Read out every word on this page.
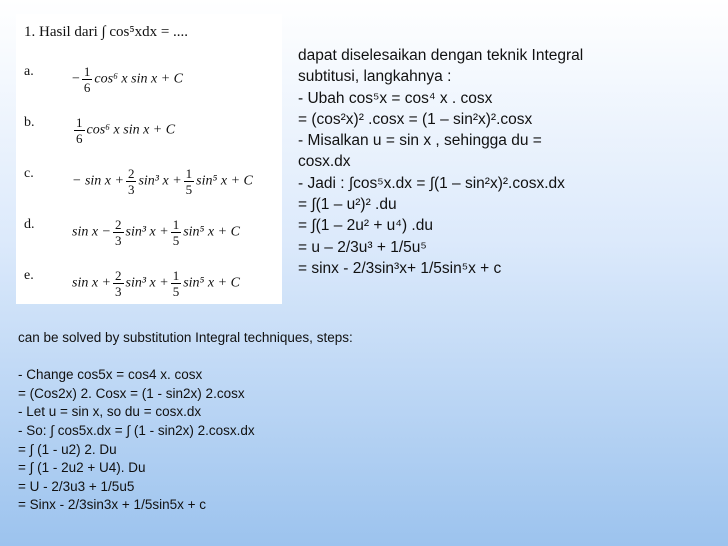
1. Hasil dari ∫ cos⁵xdx = ....
a.
− $\frac{1}{6} \cos^6$ x sin x + C
b.	$\frac{1}{6} \cos^6$ x sin x + C
c.
− $\sin x + \frac{2}{3} \sin^3$ $x + \frac{1}{5} \sin^5$ x + C
d.
$\sin x - \frac{2}{3} \sin^3$ $x + \frac{1}{5} \sin^5$ x + C
e.
$\sin x + \frac{2}{3} \sin^3$ $x + \frac{1}{5} \sin^5$ x + C
dapat diselesaikan dengan teknik Integral
subtitusi, langkahnya :
- Ubah cos⁵x = cos⁴ x . cosx
= (cos²x)² .cosx = (1 – sin²x)².cosx
- Misalkan u = sin x , sehingga du =
cosx.dx
- Jadi : ∫cos⁵x.dx = ∫(1 – sin²x)².cosx.dx
= ∫(1 – u²)² .du
= ∫(1 – 2u² + u⁴) .du
= u – 2/3u³ + 1/5u⁵
= sinx - 2/3sin³x+ 1/5sin⁵x + c
can be solved by substitution Integral techniques, steps:

- Change cos5x = cos4 x. cosx
= (Cos2x) 2. Cosx = (1 - sin2x) 2.cosx
- Let u = sin x, so du = cosx.dx
- So: ∫ cos5x.dx = ∫ (1 - sin2x) 2.cosx.dx
= ∫ (1 - u2) 2. Du
= ∫ (1 - 2u2 + U4). Du
= U - 2/3u3 + 1/5u5
= Sinx - 2/3sin3x + 1/5sin5x + c
